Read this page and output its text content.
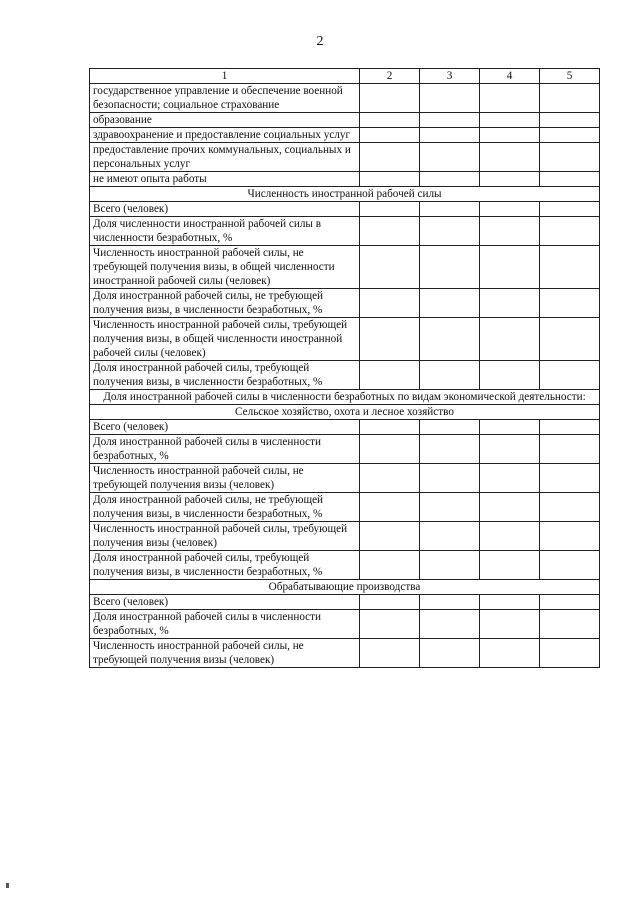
2
1	2	3	4	5
государственное управление и обеспечение военной безопасности; социальное страхование				
образование				
здравоохранение и предоставление социальных услуг				
предоставление прочих коммунальных, социальных и персональных услуг				
не имеют опыта работы				
Численность иностранной рабочей силы				
Всего (человек)				
Доля численности иностранной рабочей силы в численности безработных, %				
Численность иностранной рабочей силы, не требующей получения визы, в общей численности иностранной рабочей силы (человек)				
Доля иностранной рабочей силы, не требующей получения визы, в численности безработных, %				
Численность иностранной рабочей силы, требующей получения визы, в общей численности иностранной рабочей силы (человек)				
Доля иностранной рабочей силы, требующей получения визы, в численности безработных, %				
Доля иностранной рабочей силы в численности безработных по видам экономической деятельности:				
Сельское хозяйство, охота и лесное хозяйство				
Всего (человек)				
Доля иностранной рабочей силы в численности безработных, %				
Численность иностранной рабочей силы, не требующей получения визы (человек)				
Доля иностранной рабочей силы, не требующей получения визы, в численности безработных, %				
Численность иностранной рабочей силы, требующей получения визы (человек)				
Доля иностранной рабочей силы, требующей получения визы, в численности безработных, %				
Обрабатывающие производства				
Всего (человек)				
Доля иностранной рабочей силы в численности безработных, %				
Численность иностранной рабочей силы, не требующей получения визы (человек)				
